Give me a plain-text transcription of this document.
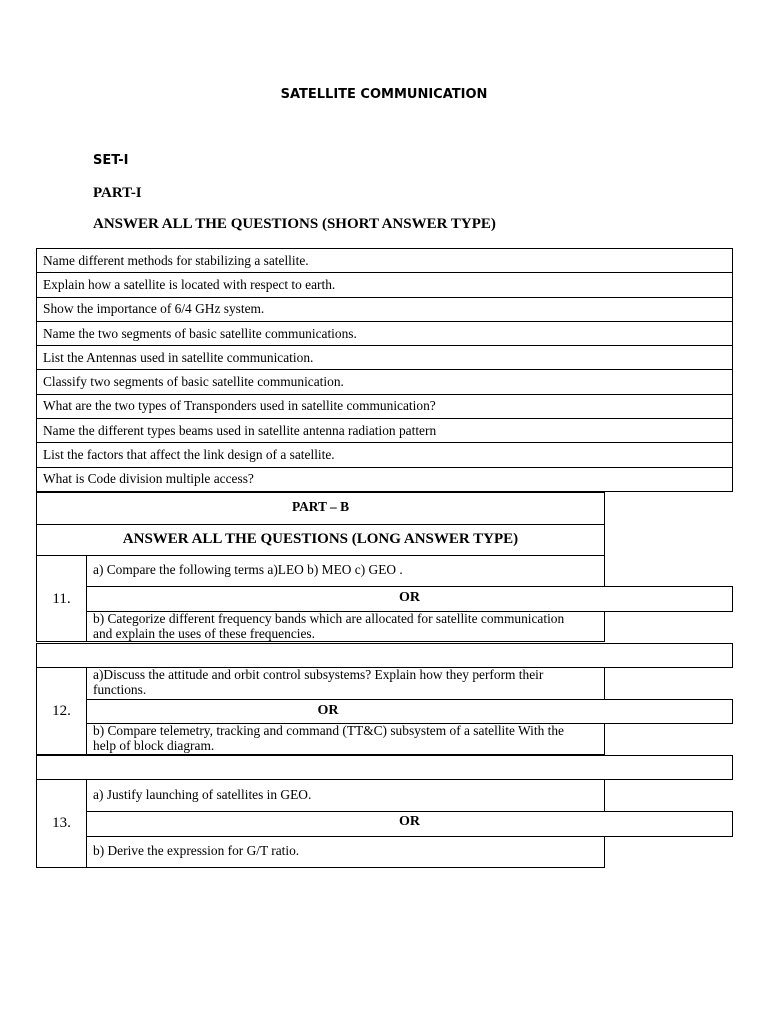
SATELLITE COMMUNICATION
SET-I
PART-I
ANSWER ALL THE QUESTIONS (SHORT ANSWER TYPE)
Name different methods for stabilizing a satellite.
Explain how a satellite is located with respect to earth.
Show the importance of 6/4 GHz system.
Name the two segments of basic satellite communications.
List the Antennas used in satellite communication.
Classify two segments of basic satellite communication.
What are the two types of Transponders used in satellite communication?
Name the different types beams used in satellite antenna radiation pattern
List the factors that affect the link design of a satellite.
What is Code division multiple access?
PART – B
ANSWER ALL THE QUESTIONS (LONG ANSWER TYPE)
11.
a) Compare the following terms a)LEO b) MEO c) GEO .
OR
b) Categorize different frequency bands which are allocated for satellite communication
and explain the uses of these frequencies.
12.
a)Discuss the attitude and orbit control subsystems? Explain how they perform their
functions.
OR
b) Compare telemetry, tracking and command (TT&C) subsystem of a satellite With the
help of block diagram.
13.
a) Justify launching of satellites in GEO.
OR
b) Derive the expression for G/T ratio.
